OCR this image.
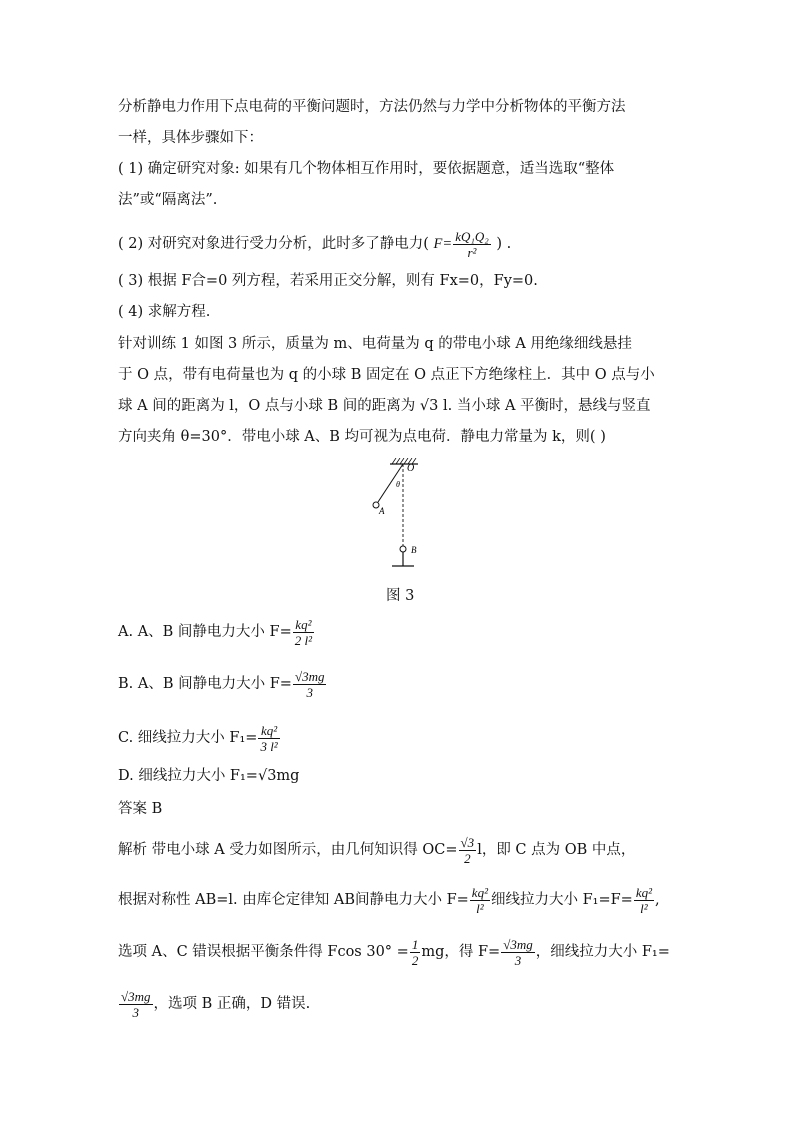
分析静电力作用下点电荷的平衡问题时，方法仍然与力学中分析物体的平衡方法
一样，具体步骤如下：
( 1) 确定研究对象: 如果有几个物体相互作用时，要依据题意，适当选取“整体
法”或“隔离法”.
( 2) 对研究对象进行受力分析，此时多了静电力( $F= \frac{\text{kQ₁Q₂}}{\text{r²}}$ ) .
( 3) 根据 F合=0 列方程，若采用正交分解，则有 Fx=0，Fy=0.
( 4) 求解方程.
针对训练 1 如图 3 所示，质量为 m、电荷量为 q 的带电小球 A 用绝缘细线悬挂
于 O 点，带有电荷量也为 q 的小球 B 固定在 O 点正下方绝缘柱上．其中 O 点与小
球 A 间的距离为 l，O 点与小球 B 间的距离为 √3 l. 当小球 A 平衡时，悬线与竖直
方向夹角 θ=30°．带电小球 A、B 均可视为点电荷．静电力常量为 k，则( )
O
θ
A
B
图 3
A. A、B 间静电力大小 $F= \frac{\text{kq²}}{\text{2 l²}}$
B. A、B 间静电力大小 $F= \frac{√3mg}{3}$
C. 细线拉力大小 $F_1= \frac{\text{kq²}}{\text{3 l²}}$
D. 细线拉力大小 F₁=√3mg
答案 B
解析 带电小球 A 受力如图所示，由几何知识得 $OC= \frac{√3}{2}$ l，即 C 点为 OB 中点，
根据对称性 AB=l. 由库仑定律知 AB间静电力大小 $F= \frac{\text{kq²}}{\text{l²}}$ 细线拉力大小 $F_1=F= \frac{\text{kq²}}{\text{l²}}$ ,
选项 A、C 错误根据平衡条件得 Fcos $30^\circ = \frac{1}{2}$ mg，得 $F= \frac{√3mg}{3}$ ，细线拉力大小 F₁=
$\frac{√3mg}{3}$ ，选项 B 正确，D 错误.
